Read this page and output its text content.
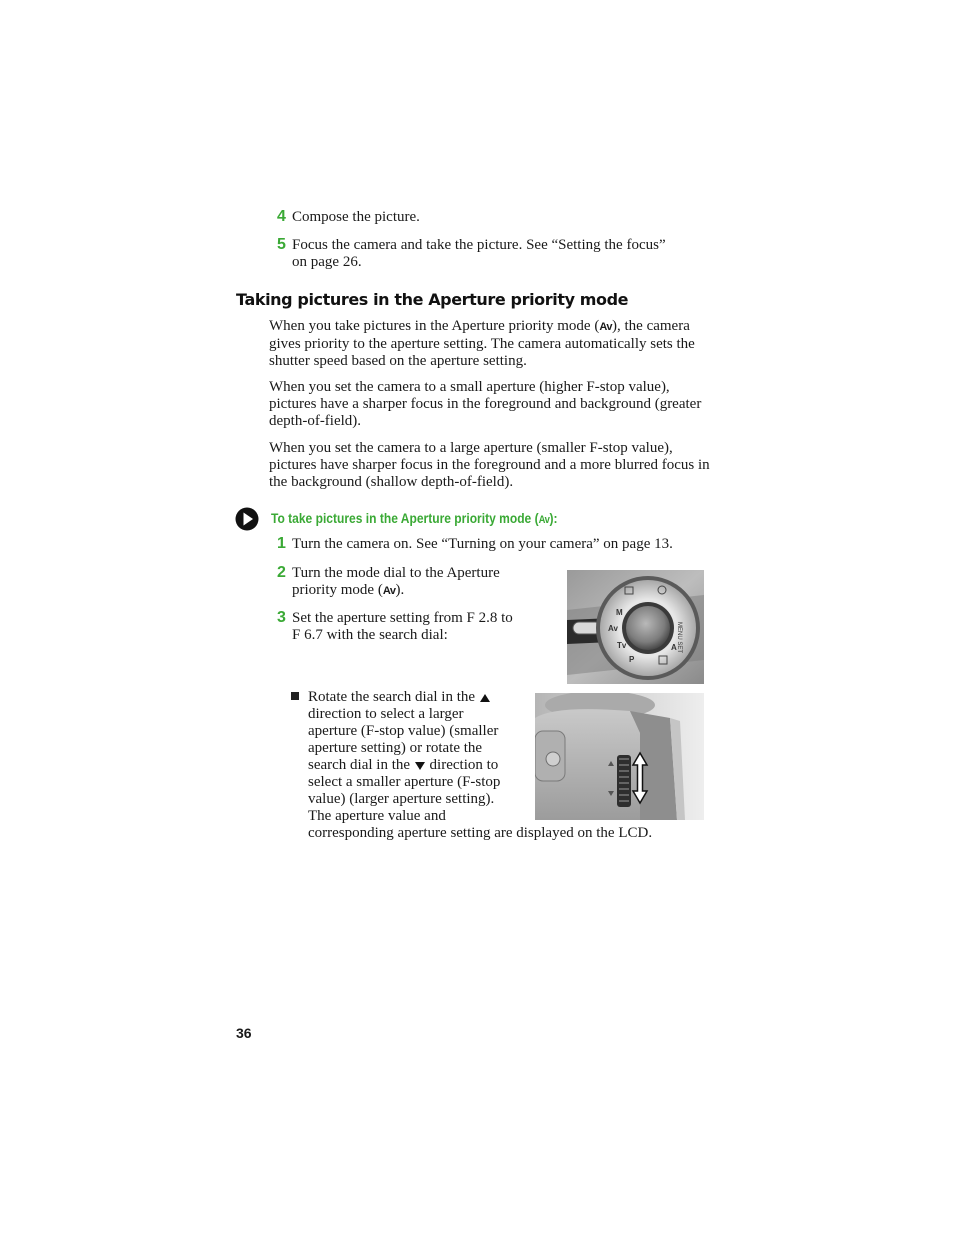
4 Compose the picture.
5 Focus the camera and take the picture. See “Setting the focus”
on page 26.
Taking pictures in the Aperture priority mode

When you take pictures in the Aperture priority mode (Av), the camera gives priority to the aperture setting. The camera automatically sets the shutter speed based on the aperture setting.

When you set the camera to a small aperture (higher F-stop value), pictures have a sharper focus in the foreground and background (greater depth-of-field).

When you set the camera to a large aperture (smaller F-stop value), pictures have sharper focus in the foreground and a more blurred focus in the background (shallow depth-of-field).

To take pictures in the Aperture priority mode (Av):
1 Turn the camera on. See “Turning on your camera” on page 13.
2 Turn the mode dial to the Aperture
priority mode (Av).
3 Set the aperture setting from F 2.8 to
F 6.7 with the search dial:
M
Av
Tv
P
A MENU SET

Rotate the search dial in the
direction to select a larger
aperture (F-stop value) (smaller
aperture setting) or rotate the
search dial in the direction to
select a smaller aperture (F-stop
value) (larger aperture setting).
The aperture value and
corresponding aperture setting are displayed on the LCD.

36
